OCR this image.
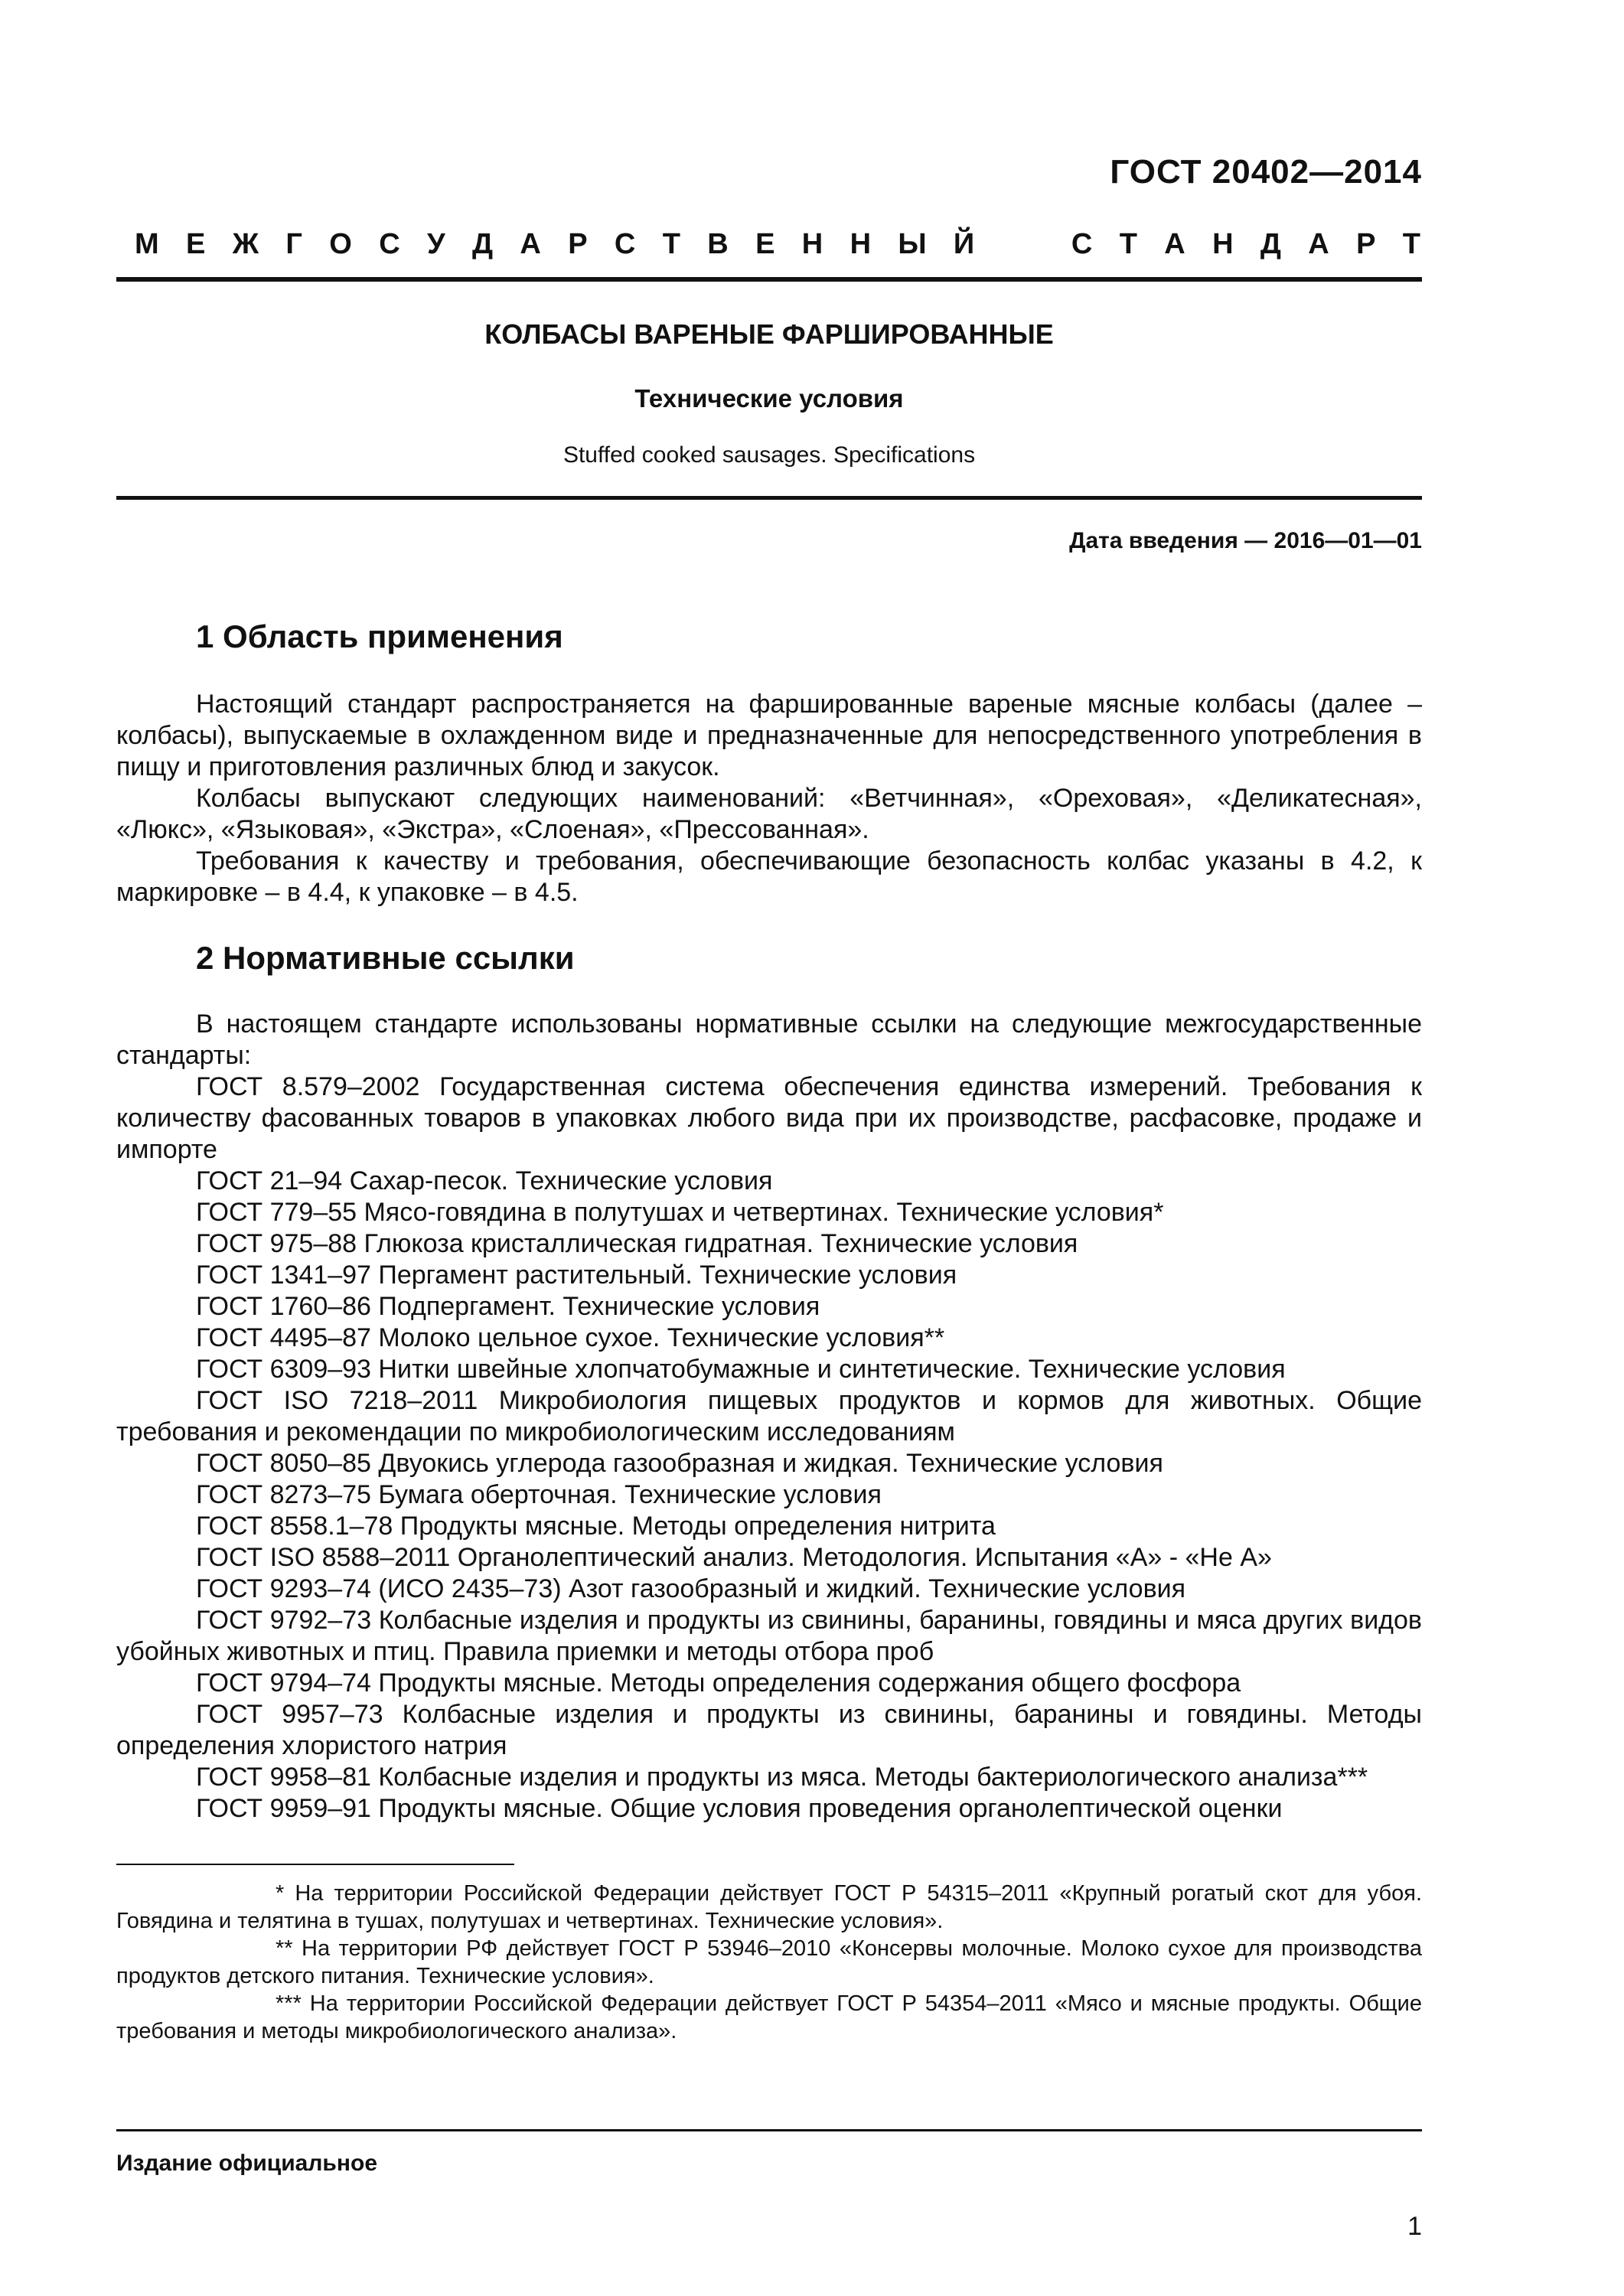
ГОСТ 20402—2014
М Е Ж Г О С У Д А Р С Т В Е Н Н Ы Й	С Т А Н Д А Р Т
КОЛБАСЫ ВАРЕНЫЕ ФАРШИРОВАННЫЕ
Технические условия
Stuffed cooked sausages. Specifications
Дата введения — 2016—01—01
1 Область применения

Настоящий стандарт распространяется на фаршированные вареные мясные колбасы (далее – колбасы), выпускаемые в охлажденном виде и предназначенные для непосредственного употребления в пищу и приготовления различных блюд и закусок.

Колбасы выпускают следующих наименований: «Ветчинная», «Ореховая», «Деликатесная», «Люкс», «Языковая», «Экстра», «Слоеная», «Прессованная».

Требования к качеству и требования, обеспечивающие безопасность колбас указаны в 4.2, к маркировке – в 4.4, к упаковке – в 4.5.

2 Нормативные ссылки

В настоящем стандарте использованы нормативные ссылки на следующие межгосударственные стандарты:

ГОСТ 8.579–2002 Государственная система обеспечения единства измерений. Требования к количеству фасованных товаров в упаковках любого вида при их производстве, расфасовке, продаже и импорте

ГОСТ 21–94 Сахар-песок. Технические условия

ГОСТ 779–55 Мясо-говядина в полутушах и четвертинах. Технические условия*

ГОСТ 975–88 Глюкоза кристаллическая гидратная. Технические условия

ГОСТ 1341–97 Пергамент растительный. Технические условия

ГОСТ 1760–86 Подпергамент. Технические условия

ГОСТ 4495–87 Молоко цельное сухое. Технические условия**

ГОСТ 6309–93 Нитки швейные хлопчатобумажные и синтетические. Технические условия

ГОСТ ISO 7218–2011 Микробиология пищевых продуктов и кормов для животных. Общие требования и рекомендации по микробиологическим исследованиям

ГОСТ 8050–85 Двуокись углерода газообразная и жидкая. Технические условия

ГОСТ 8273–75 Бумага оберточная. Технические условия

ГОСТ 8558.1–78 Продукты мясные. Методы определения нитрита

ГОСТ ISO 8588–2011 Органолептический анализ. Методология. Испытания «А» - «Не А»

ГОСТ 9293–74 (ИСО 2435–73) Азот газообразный и жидкий. Технические условия

ГОСТ 9792–73 Колбасные изделия и продукты из свинины, баранины, говядины и мяса других видов убойных животных и птиц. Правила приемки и методы отбора проб

ГОСТ 9794–74 Продукты мясные. Методы определения содержания общего фосфора

ГОСТ 9957–73 Колбасные изделия и продукты из свинины, баранины и говядины. Методы определения хлористого натрия

ГОСТ 9958–81 Колбасные изделия и продукты из мяса. Методы бактериологического анализа***

ГОСТ 9959–91 Продукты мясные. Общие условия проведения органолептической оценки

* На территории Российской Федерации действует ГОСТ Р 54315–2011 «Крупный рогатый скот для убоя. Говядина и телятина в тушах, полутушах и четвертинах. Технические условия».

** На территории РФ действует ГОСТ Р 53946–2010 «Консервы молочные. Молоко сухое для производства продуктов детского питания. Технические условия».

*** На территории Российской Федерации действует ГОСТ Р 54354–2011 «Мясо и мясные продукты. Общие требования и методы микробиологического анализа».

Издание официальное
1
